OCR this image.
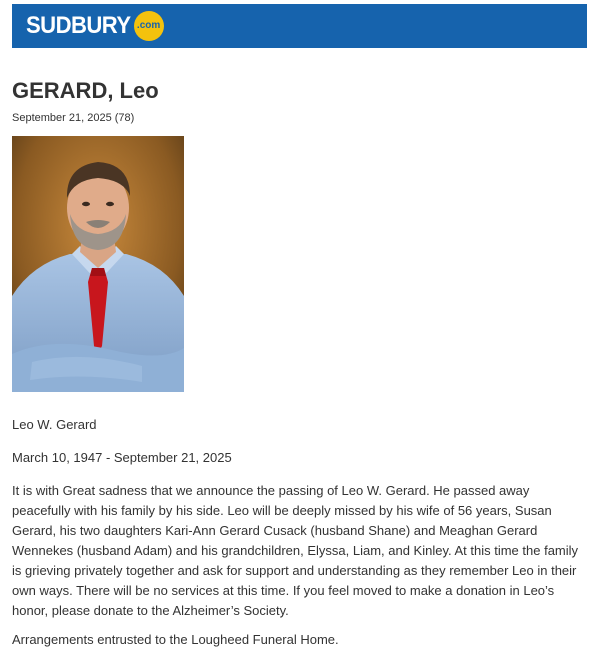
SUDBURY .com
GERARD, Leo
September 21, 2025 (78)

Leo W. Gerard

March 10, 1947 - September 21, 2025

It is with Great sadness that we announce the passing of Leo W. Gerard. He passed away peacefully with his family by his side. Leo will be deeply missed by his wife of 56 years, Susan Gerard, his two daughters Kari-Ann Gerard Cusack (husband Shane) and Meaghan Gerard Wennekes (husband Adam) and his grandchildren, Elyssa, Liam, and Kinley. At this time the family is grieving privately together and ask for support and understanding as they remember Leo in their own ways. There will be no services at this time. If you feel moved to make a donation in Leo’s honor, please donate to the Alzheimer’s Society.

Arrangements entrusted to the Lougheed Funeral Home.
